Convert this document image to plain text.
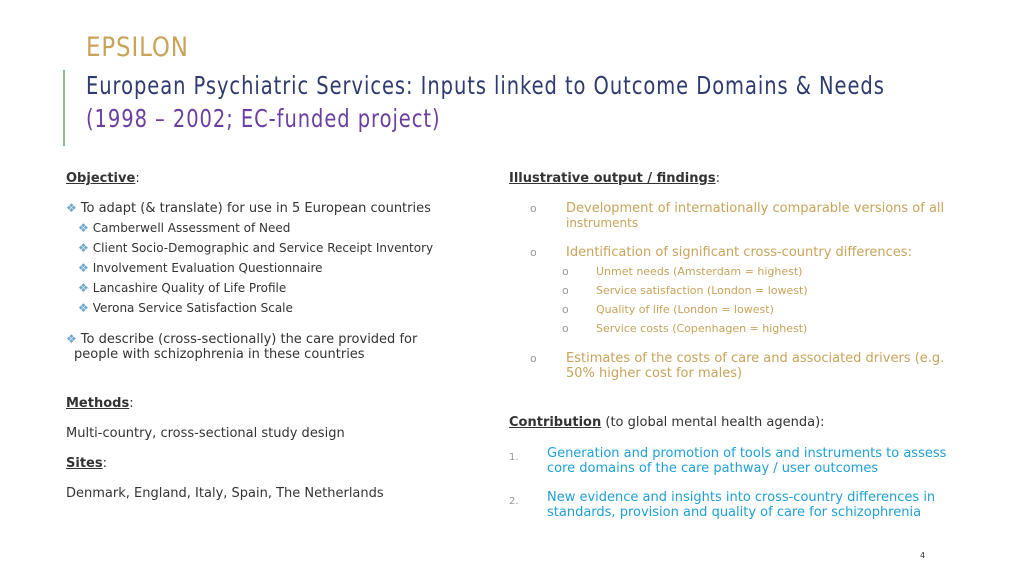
EPSILON
European Psychiatric Services: Inputs linked to Outcome Domains & Needs
(1998 – 2002; EC-funded project)
Objective:
❖ To adapt (& translate) for use in 5 European countries
❖ Camberwell Assessment of Need
❖ Client Socio-Demographic and Service Receipt Inventory
❖ Involvement Evaluation Questionnaire
❖ Lancashire Quality of Life Profile
❖ Verona Service Satisfaction Scale
❖ To describe (cross-sectionally) the care provided for
people with schizophrenia in these countries
Methods:
Multi-country, cross-sectional study design
Sites:
Denmark, England, Italy, Spain, The Netherlands
Illustrative output / findings:
o Development of internationally comparable versions of all
instruments
o Identification of significant cross-country differences:
o Unmet needs (Amsterdam = highest)
o Service satisfaction (London = lowest)
o Quality of life (London = lowest)
o Service costs (Copenhagen = highest)
o Estimates of the costs of care and associated drivers (e.g.
50% higher cost for males)
Contribution (to global mental health agenda):
1. Generation and promotion of tools and instruments to assess
core domains of the care pathway / user outcomes
2. New evidence and insights into cross-country differences in
standards, provision and quality of care for schizophrenia
4
